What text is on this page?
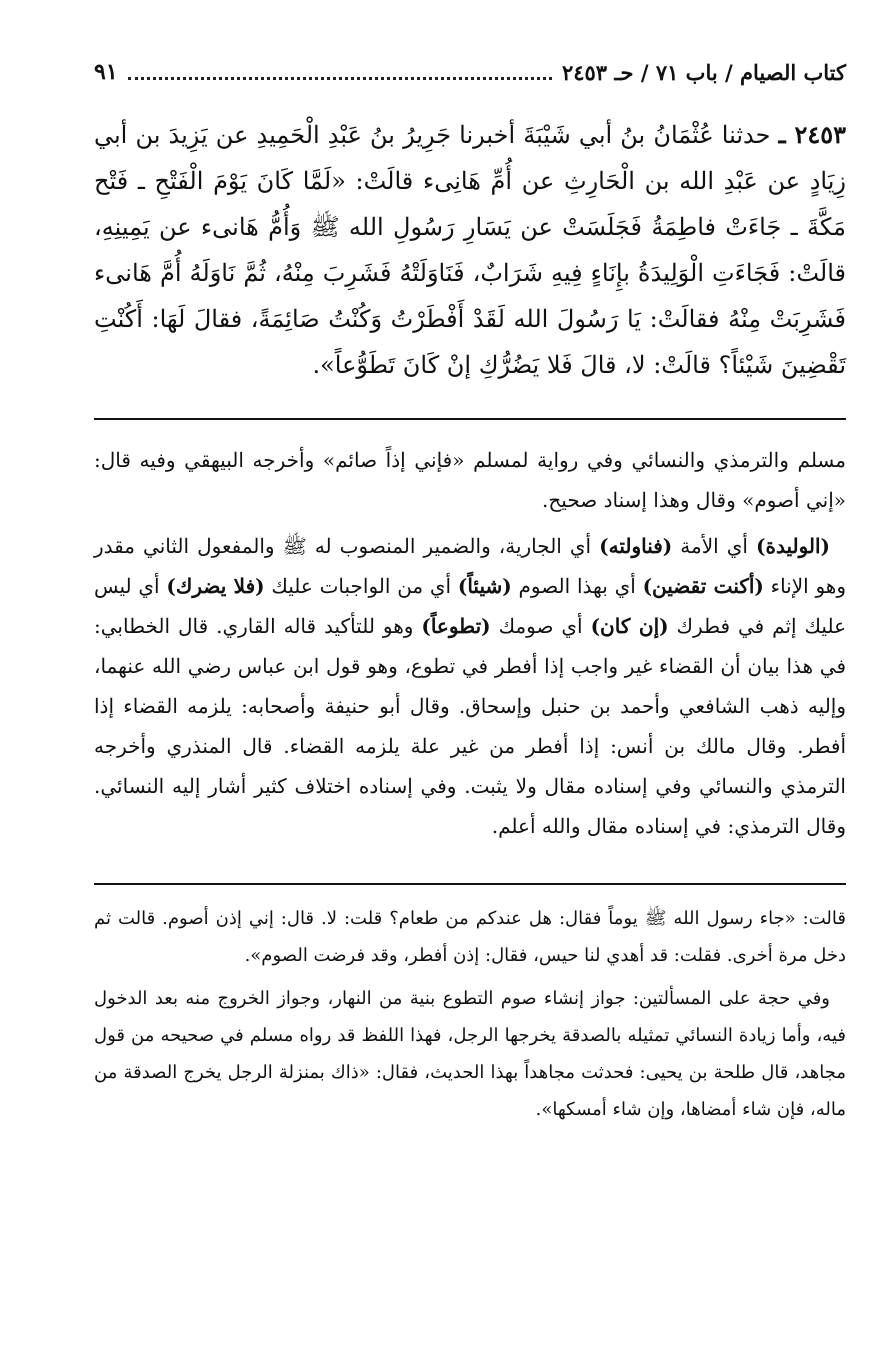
كتاب الصيام / باب ٧١ / حـ ٢٤٥٣
٩١
٢٤٥٣ ـ حدثنا عُثْمَانُ بنُ أبي شَيْبَةَ أخبرنا جَرِيرُ بنُ عَبْدِ الْحَمِيدِ عن يَزِيدَ بن أبي زِيَادٍ عن عَبْدِ الله بن الْحَارِثِ عن أُمِّ هَانِىء قالَتْ: «لَمَّا كَانَ يَوْمَ الْفَتْحِ ـ فَتْح مَكَّةَ ـ جَاءَتْ فاطِمَةُ فَجَلَسَتْ عن يَسَارِ رَسُولِ الله ﷺ وَأُمُّ هَانىء عن يَمِينِهِ، قالَتْ: فَجَاءَتِ الْوَلِيدَةُ بإِنَاءٍ فِيهِ شَرَابٌ، فَنَاوَلَتْهُ فَشَرِبَ مِنْهُ، ثُمَّ نَاوَلَهُ أُمَّ هَانىء فَشَرِبَتْ مِنْهُ فقالَتْ: يَا رَسُولَ الله لَقَدْ أَفْطَرْتُ وَكُنْتُ صَائِمَةً، فقالَ لَهَا: أَكُنْتِ تَقْضِينَ شَيْئاً؟ قالَتْ: لا، قالَ فَلا يَضُرُّكِ إنْ كَانَ تَطَوُّعاً».

مسلم والترمذي والنسائي وفي رواية لمسلم «فإني إذاً صائم» وأخرجه البيهقي وفيه قال: «إني أصوم» وقال وهذا إسناد صحيح.

(الوليدة) أي الأمة (فناولته) أي الجارية، والضمير المنصوب له ﷺ والمفعول الثاني مقدر وهو الإناء (أكنت تقضين) أي بهذا الصوم (شيئاً) أي من الواجبات عليك (فلا يضرك) أي ليس عليك إثم في فطرك (إن كان) أي صومك (تطوعاً) وهو للتأكيد قاله القاري. قال الخطابي: في هذا بيان أن القضاء غير واجب إذا أفطر في تطوع، وهو قول ابن عباس رضي الله عنهما، وإليه ذهب الشافعي وأحمد بن حنبل وإسحاق. وقال أبو حنيفة وأصحابه: يلزمه القضاء إذا أفطر. وقال مالك بن أنس: إذا أفطر من غير علة يلزمه القضاء. قال المنذري وأخرجه الترمذي والنسائي وفي إسناده مقال ولا يثبت. وفي إسناده اختلاف كثير أشار إليه النسائي. وقال الترمذي: في إسناده مقال والله أعلم.

قالت: «جاء رسول الله ﷺ يوماً فقال: هل عندكم من طعام؟ قلت: لا. قال: إني إذن أصوم. قالت ثم دخل مرة أخرى. فقلت: قد أهدي لنا حيس، فقال: إذن أفطر، وقد فرضت الصوم».

وفي حجة على المسألتين: جواز إنشاء صوم التطوع بنية من النهار، وجواز الخروج منه بعد الدخول فيه، وأما زيادة النسائي تمثيله بالصدقة يخرجها الرجل، فهذا اللفظ قد رواه مسلم في صحيحه من قول مجاهد، قال طلحة بن يحيى: فحدثت مجاهداً بهذا الحديث، فقال: «ذاك بمنزلة الرجل يخرج الصدقة من ماله، فإن شاء أمضاها، وإن شاء أمسكها».
